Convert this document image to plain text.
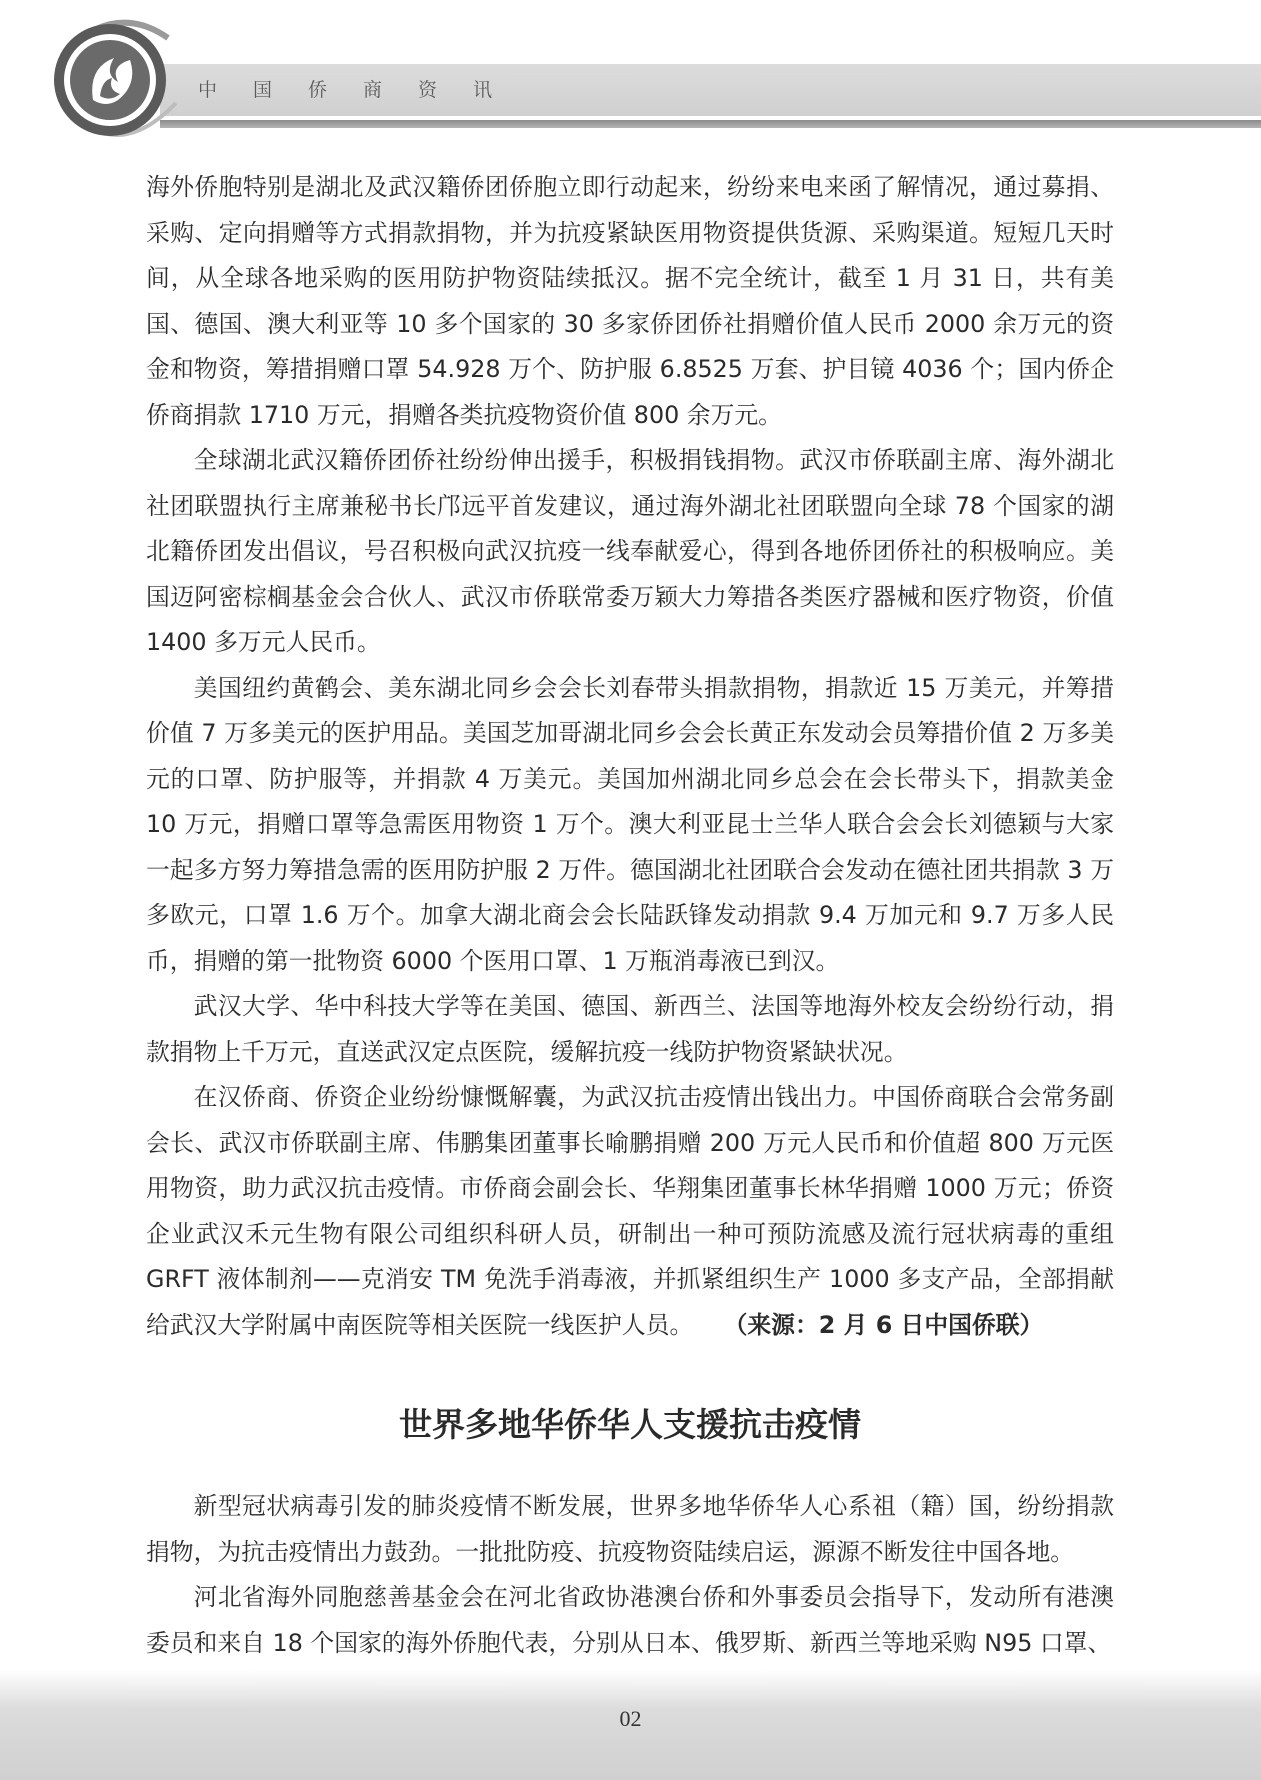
中国侨商资讯

海外侨胞特别是湖北及武汉籍侨团侨胞立即行动起来，纷纷来电来函了解情况，通过募捐、采购、定向捐赠等方式捐款捐物，并为抗疫紧缺医用物资提供货源、采购渠道。短短几天时间，从全球各地采购的医用防护物资陆续抵汉。据不完全统计，截至 1 月 31 日，共有美国、德国、澳大利亚等 10 多个国家的 30 多家侨团侨社捐赠价值人民币 2000 余万元的资金和物资，筹措捐赠口罩 54.928 万个、防护服 6.8525 万套、护目镜 4036 个；国内侨企侨商捐款 1710 万元，捐赠各类抗疫物资价值 800 余万元。

全球湖北武汉籍侨团侨社纷纷伸出援手，积极捐钱捐物。武汉市侨联副主席、海外湖北社团联盟执行主席兼秘书长邝远平首发建议，通过海外湖北社团联盟向全球 78 个国家的湖北籍侨团发出倡议，号召积极向武汉抗疫一线奉献爱心，得到各地侨团侨社的积极响应。美国迈阿密棕榈基金会合伙人、武汉市侨联常委万颖大力筹措各类医疗器械和医疗物资，价值 1400 多万元人民币。

美国纽约黄鹤会、美东湖北同乡会会长刘春带头捐款捐物，捐款近 15 万美元，并筹措价值 7 万多美元的医护用品。美国芝加哥湖北同乡会会长黄正东发动会员筹措价值 2 万多美元的口罩、防护服等，并捐款 4 万美元。美国加州湖北同乡总会在会长带头下，捐款美金 10 万元，捐赠口罩等急需医用物资 1 万个。澳大利亚昆士兰华人联合会会长刘德颖与大家一起多方努力筹措急需的医用防护服 2 万件。德国湖北社团联合会发动在德社团共捐款 3 万多欧元，口罩 1.6 万个。加拿大湖北商会会长陆跃锋发动捐款 9.4 万加元和 9.7 万多人民币，捐赠的第一批物资 6000 个医用口罩、1 万瓶消毒液已到汉。

武汉大学、华中科技大学等在美国、德国、新西兰、法国等地海外校友会纷纷行动，捐款捐物上千万元，直送武汉定点医院，缓解抗疫一线防护物资紧缺状况。

在汉侨商、侨资企业纷纷慷慨解囊，为武汉抗击疫情出钱出力。中国侨商联合会常务副会长、武汉市侨联副主席、伟鹏集团董事长喻鹏捐赠 200 万元人民币和价值超 800 万元医用物资，助力武汉抗击疫情。市侨商会副会长、华翔集团董事长林华捐赠 1000 万元；侨资企业武汉禾元生物有限公司组织科研人员，研制出一种可预防流感及流行冠状病毒的重组 GRFT 液体制剂——克消安 TM 免洗手消毒液，并抓紧组织生产 1000 多支产品，全部捐献给武汉大学附属中南医院等相关医院一线医护人员。 （来源：2 月 6 日中国侨联）

世界多地华侨华人支援抗击疫情

新型冠状病毒引发的肺炎疫情不断发展，世界多地华侨华人心系祖（籍）国，纷纷捐款捐物，为抗击疫情出力鼓劲。一批批防疫、抗疫物资陆续启运，源源不断发往中国各地。

河北省海外同胞慈善基金会在河北省政协港澳台侨和外事委员会指导下，发动所有港澳委员和来自 18 个国家的海外侨胞代表，分别从日本、俄罗斯、新西兰等地采购 N95 口罩、

02
